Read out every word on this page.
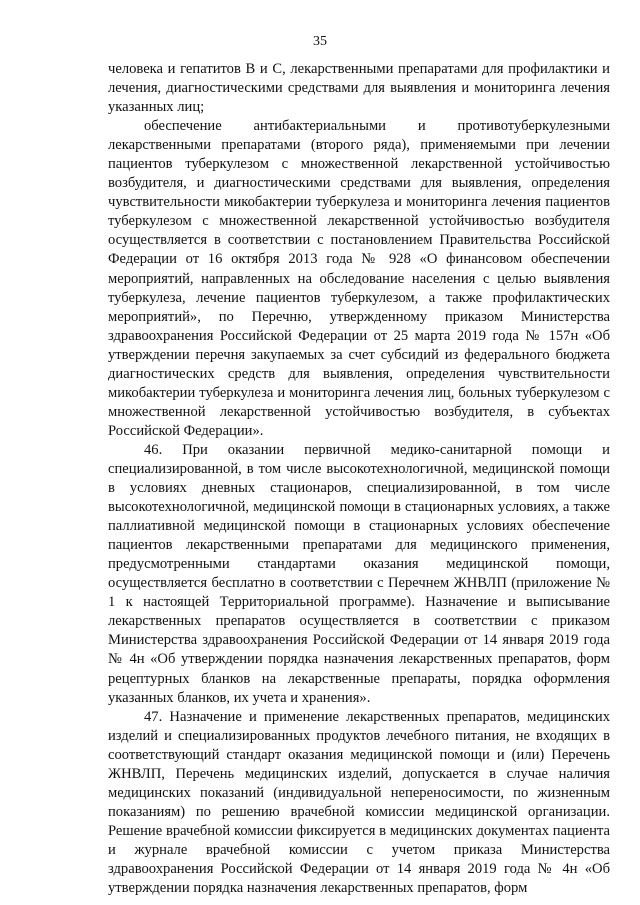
35

человека и гепатитов В и С, лекарственными препаратами для профилактики и лечения, диагностическими средствами для выявления и мониторинга лечения указанных лиц;

обеспечение антибактериальными и противотуберкулезными лекарственными препаратами (второго ряда), применяемыми при лечении пациентов туберкулезом с множественной лекарственной устойчивостью возбудителя, и диагностическими средствами для выявления, определения чувствительности микобактерии туберкулеза и мониторинга лечения пациентов туберкулезом с множественной лекарственной устойчивостью возбудителя осуществляется в соответствии с постановлением Правительства Российской Федерации от 16 октября 2013 года № 928 «О финансовом обеспечении мероприятий, направленных на обследование населения с целью выявления туберкулеза, лечение пациентов туберкулезом, а также профилактических мероприятий», по Перечню, утвержденному приказом Министерства здравоохранения Российской Федерации от 25 марта 2019 года № 157н «Об утверждении перечня закупаемых за счет субсидий из федерального бюджета диагностических средств для выявления, определения чувствительности микобактерии туберкулеза и мониторинга лечения лиц, больных туберкулезом с множественной лекарственной устойчивостью возбудителя, в субъектах Российской Федерации».

46. При оказании первичной медико-санитарной помощи и специализированной, в том числе высокотехнологичной, медицинской помощи в условиях дневных стационаров, специализированной, в том числе высокотехнологичной, медицинской помощи в стационарных условиях, а также паллиативной медицинской помощи в стационарных условиях обеспечение пациентов лекарственными препаратами для медицинского применения, предусмотренными стандартами оказания медицинской помощи, осуществляется бесплатно в соответствии с Перечнем ЖНВЛП (приложение № 1 к настоящей Территориальной программе). Назначение и выписывание лекарственных препаратов осуществляется в соответствии с приказом Министерства здравоохранения Российской Федерации от 14 января 2019 года № 4н «Об утверждении порядка назначения лекарственных препаратов, форм рецептурных бланков на лекарственные препараты, порядка оформления указанных бланков, их учета и хранения».

47. Назначение и применение лекарственных препаратов, медицинских изделий и специализированных продуктов лечебного питания, не входящих в соответствующий стандарт оказания медицинской помощи и (или) Перечень ЖНВЛП, Перечень медицинских изделий, допускается в случае наличия медицинских показаний (индивидуальной непереносимости, по жизненным показаниям) по решению врачебной комиссии медицинской организации. Решение врачебной комиссии фиксируется в медицинских документах пациента и журнале врачебной комиссии с учетом приказа Министерства здравоохранения Российской Федерации от 14 января 2019 года № 4н «Об утверждении порядка назначения лекарственных препаратов, форм
